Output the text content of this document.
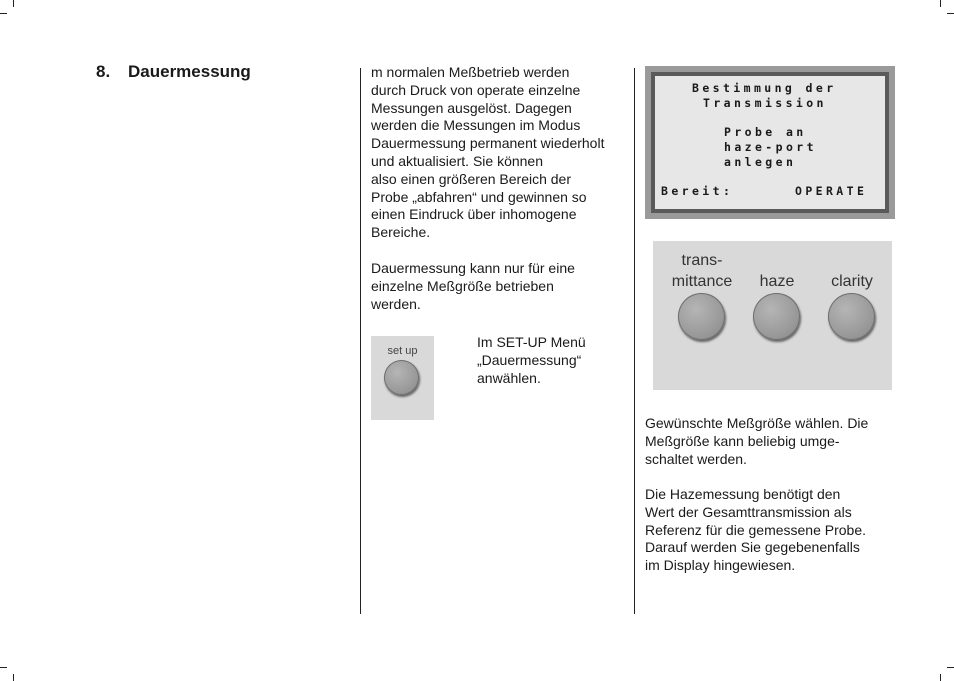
8. Dauermessung	m normalen Meßbetrieb werden
durch Druck von operate einzelne
Messungen ausgelöst. Dagegen
werden die Messungen im Modus
Dauermessung permanent wiederholt
und aktualisiert. Sie können
also einen größeren Bereich der
Probe „abfahren“ und gewinnen so
einen Eindruck über inhomogene
Bereiche.
Dauermessung kann nur für eine
einzelne Meßgröße betrieben
werden.
set up
Im SET-UP Menü
„Dauermessung“
anwählen.
Bestimmung der
Transmission
Probe an
haze-port
anlegen
Bereit:	OPERATE
trans-
mittance	haze	clarity
Gewünschte Meßgröße wählen. Die
Meßgröße kann beliebig umge-
schaltet werden.
Die Hazemessung benötigt den
Wert der Gesamttransmission als
Referenz für die gemessene Probe.
Darauf werden Sie gegebenenfalls
im Display hingewiesen.
